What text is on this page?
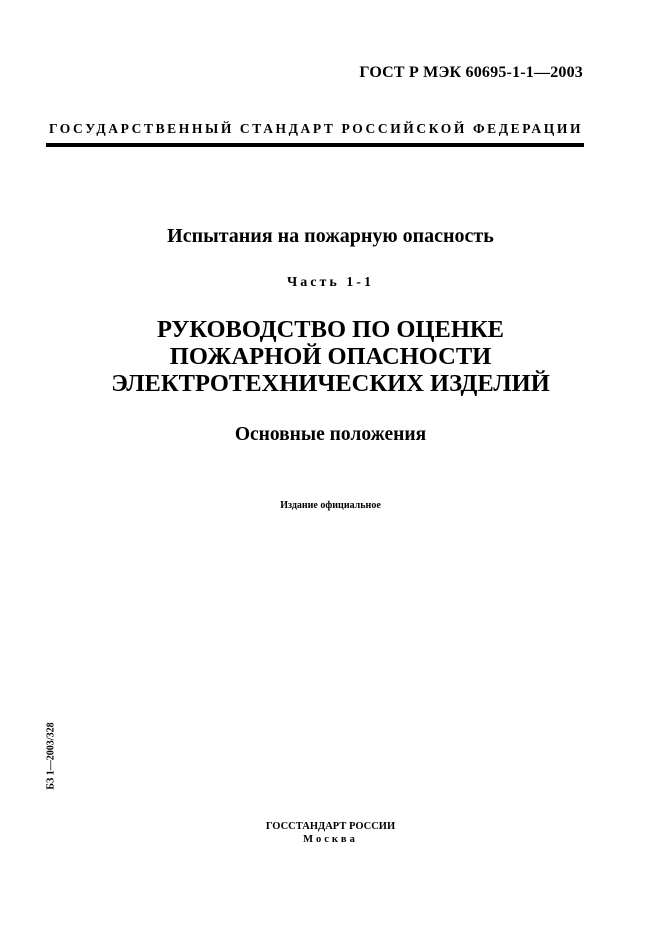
ГОСТ Р МЭК 60695-1-1—2003
ГОСУДАРСТВЕННЫЙ СТАНДАРТ РОССИЙСКОЙ ФЕДЕРАЦИИ
Испытания на пожарную опасность
Часть 1-1
РУКОВОДСТВО ПО ОЦЕНКЕ
ПОЖАРНОЙ ОПАСНОСТИ
ЭЛЕКТРОТЕХНИЧЕСКИХ ИЗДЕЛИЙ
Основные положения
Издание официальное
БЗ 1—2003/328
ГОССТАНДАРТ РОССИИ
Москва
